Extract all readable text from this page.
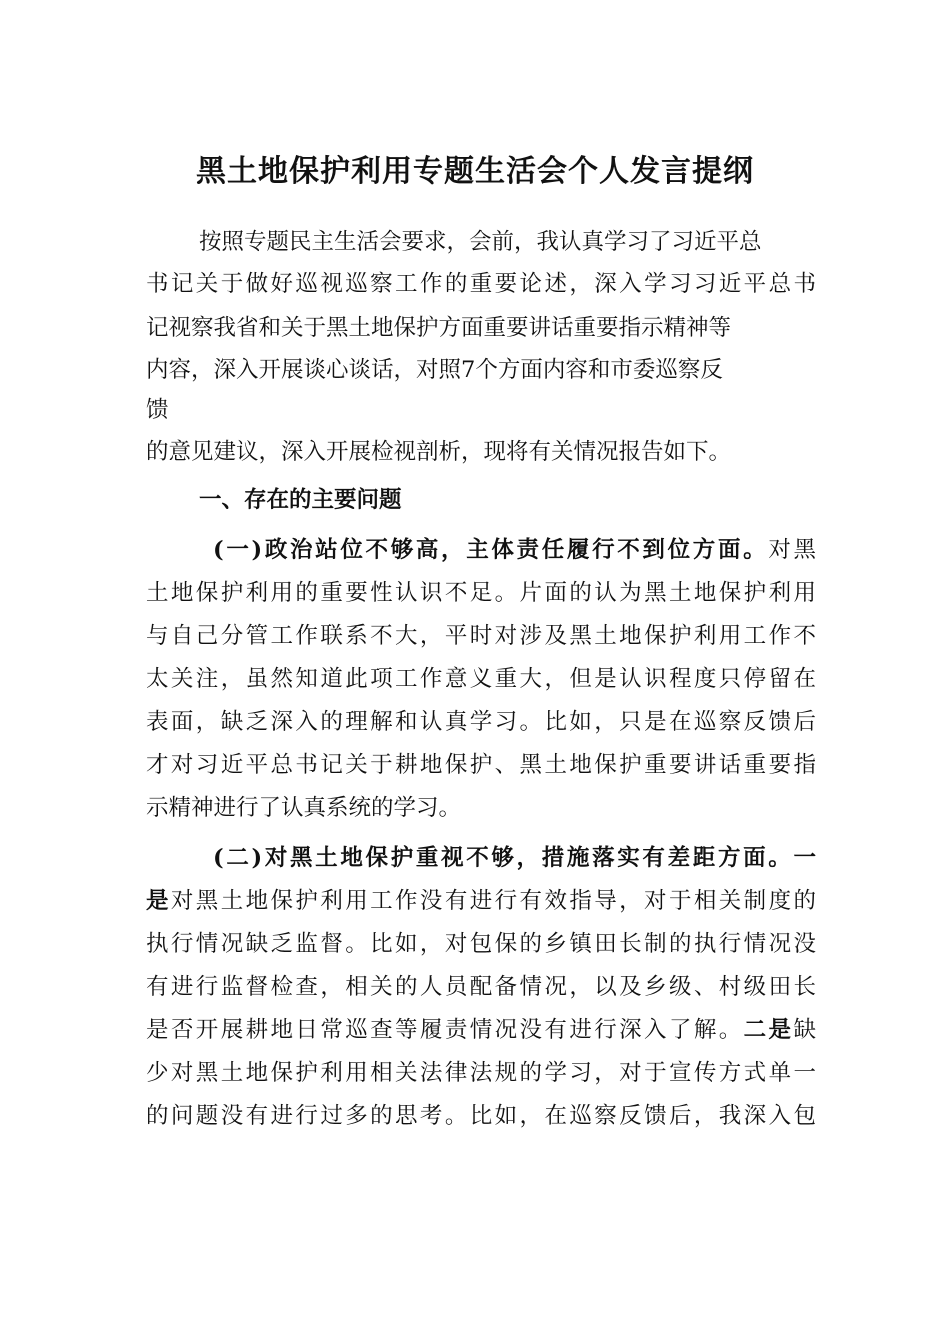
黑土地保护利用专题生活会个人发言提纲
按照专题民主生活会要求，会前，我认真学习了习近平总
书记关于做好巡视巡察工作的重要论述，深入学习习近平总书
记视察我省和关于黑土地保护方面重要讲话重要指示精神等
内容，深入开展谈心谈话，对照7个方面内容和市委巡察反
馈
的意见建议，深入开展检视剖析，现将有关情况报告如下。
一、存在的主要问题
(一)政治站位不够高，主体责任履行不到位方面。对黑
土地保护利用的重要性认识不足。片面的认为黑土地保护利用
与自己分管工作联系不大，平时对涉及黑土地保护利用工作不
太关注，虽然知道此项工作意义重大，但是认识程度只停留在
表面，缺乏深入的理解和认真学习。比如，只是在巡察反馈后
才对习近平总书记关于耕地保护、黑土地保护重要讲话重要指
示精神进行了认真系统的学习。
(二)对黑土地保护重视不够，措施落实有差距方面。一
是对黑土地保护利用工作没有进行有效指导，对于相关制度的
执行情况缺乏监督。比如，对包保的乡镇田长制的执行情况没
有进行监督检查，相关的人员配备情况，以及乡级、村级田长
是否开展耕地日常巡查等履责情况没有进行深入了解。二是缺
少对黑土地保护利用相关法律法规的学习，对于宣传方式单一
的问题没有进行过多的思考。比如，在巡察反馈后，我深入包
